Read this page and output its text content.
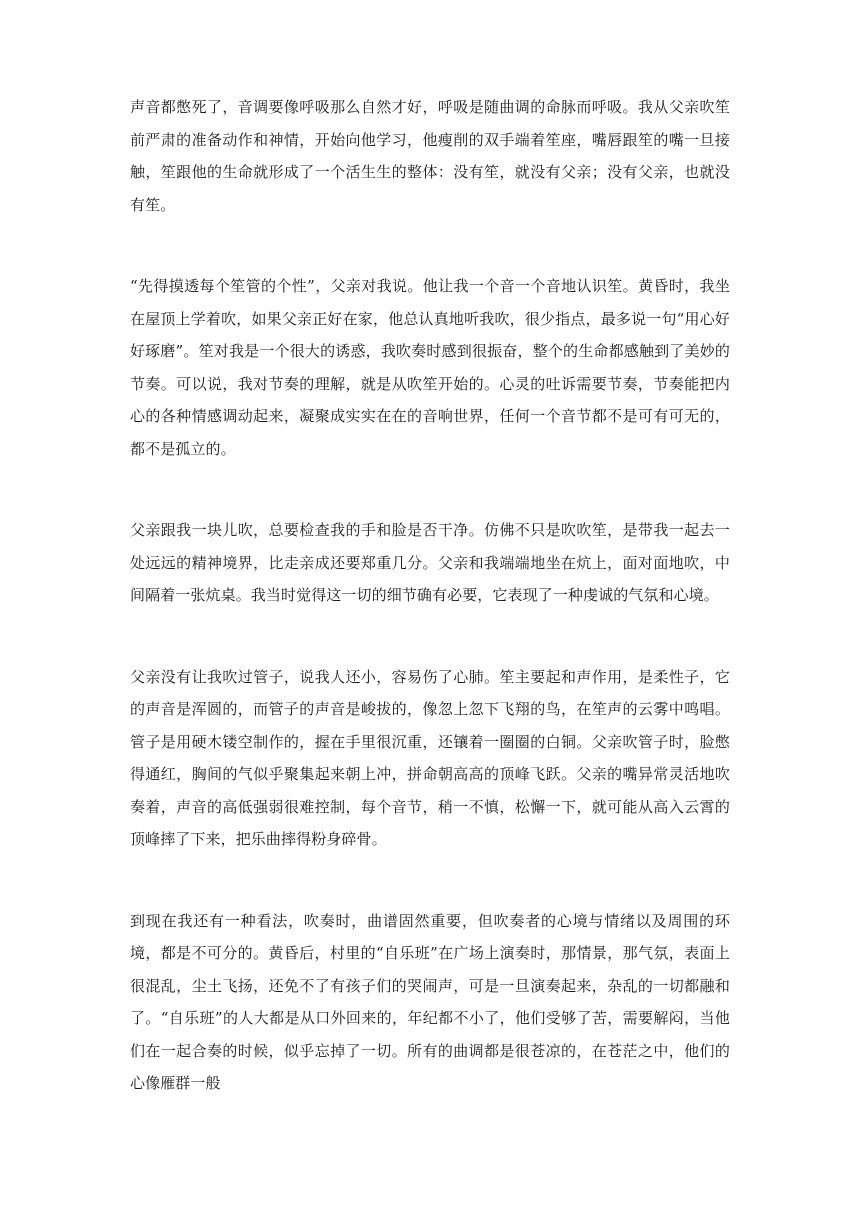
声音都憋死了，音调要像呼吸那么自然才好，呼吸是随曲调的命脉而呼吸。我从父亲吹笙前严肃的准备动作和神情，开始向他学习，他瘦削的双手端着笙座，嘴唇跟笙的嘴一旦接触，笙跟他的生命就形成了一个活生生的整体：没有笙，就没有父亲；没有父亲，也就没有笙。

“先得摸透每个笙管的个性”，父亲对我说。他让我一个音一个音地认识笙。黄昏时，我坐在屋顶上学着吹，如果父亲正好在家，他总认真地听我吹，很少指点，最多说一句“用心好好琢磨”。笙对我是一个很大的诱惑，我吹奏时感到很振奋，整个的生命都感触到了美妙的节奏。可以说，我对节奏的理解，就是从吹笙开始的。心灵的吐诉需要节奏，节奏能把内心的各种情感调动起来，凝聚成实实在在的音响世界，任何一个音节都不是可有可无的，都不是孤立的。

父亲跟我一块儿吹，总要检查我的手和脸是否干净。仿佛不只是吹吹笙，是带我一起去一处远远的精神境界，比走亲成还要郑重几分。父亲和我端端地坐在炕上，面对面地吹，中间隔着一张炕桌。我当时觉得这一切的细节确有必要，它表现了一种虔诚的气氛和心境。

父亲没有让我吹过管子，说我人还小，容易伤了心肺。笙主要起和声作用，是柔性子，它的声音是浑圆的，而管子的声音是峻拔的，像忽上忽下飞翔的鸟，在笙声的云雾中鸣唱。管子是用硬木镂空制作的，握在手里很沉重，还镶着一圈圈的白铜。父亲吹管子时，脸憋得通红，胸间的气似乎聚集起来朝上冲，拼命朝高高的顶峰飞跃。父亲的嘴异常灵活地吹奏着，声音的高低强弱很难控制，每个音节，稍一不慎，松懈一下，就可能从高入云霄的顶峰摔了下来，把乐曲摔得粉身碎骨。

到现在我还有一种看法，吹奏时，曲谱固然重要，但吹奏者的心境与情绪以及周围的环境，都是不可分的。黄昏后，村里的“自乐班”在广场上演奏时，那情景，那气氛，表面上很混乱，尘土飞扬，还免不了有孩子们的哭闹声，可是一旦演奏起来，杂乱的一切都融和了。“自乐班”的人大都是从口外回来的，年纪都不小了，他们受够了苦，需要解闷，当他们在一起合奏的时候，似乎忘掉了一切。所有的曲调都是很苍凉的，在苍茫之中，他们的心像雁群一般
